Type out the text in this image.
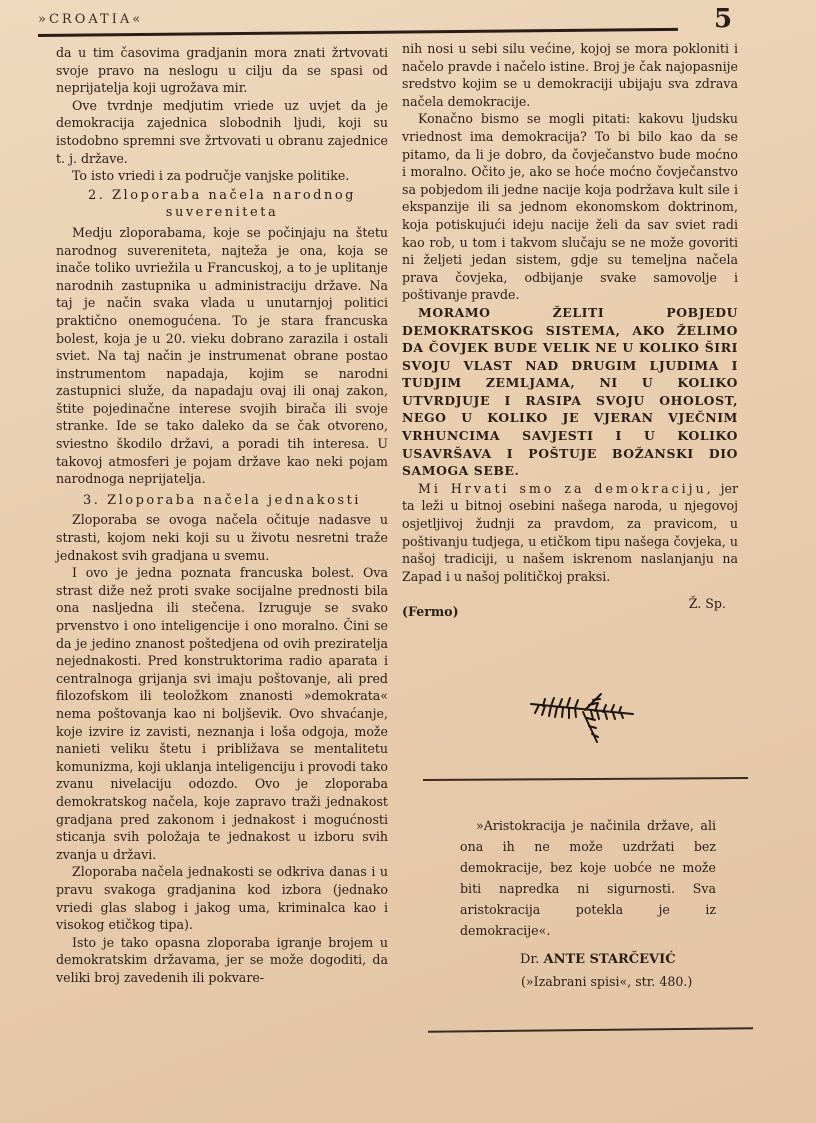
»CROATIA«	5

da u tim časovima gradjanin mora znati žrtvovati svoje pravo na neslogu u cilju da se spasi od neprijatelja koji ugrožava mir.

Ove tvrdnje medjutim vriede uz uvjet da je demokracija zajednica slobodnih ljudi, koji su istodobno spremni sve žrtvovati u obranu zajednice t. j. države.

To isto vriedi i za područje vanjske politike.

2. Zloporaba načela narodnog
suvereniteta

Medju zloporabama, koje se počinjaju na štetu narodnog suvereniteta, najteža je ona, koja se inače toliko uvriežila u Francuskoj, a to je uplitanje narodnih zastupnika u administraciju države. Na taj je način svaka vlada u unutarnjoj politici praktično onemogućena. To je stara francuska bolest, koja je u 20. vieku dobrano zarazila i ostali sviet. Na taj način je instrumenat obrane postao instrumentom napadaja, kojim se narodni zastupnici služe, da napadaju ovaj ili onaj zakon, štite pojedinačne interese svojih birača ili svoje stranke. Ide se tako daleko da se čak otvoreno, sviestno škodilo državi, a poradi tih interesa. U takovoj atmosferi je pojam države kao neki pojam narodnoga neprijatelja.

3. Zloporaba načela jednakosti

Zloporaba se ovoga načela očituje nadasve u strasti, kojom neki koji su u životu nesretni traže jednakost svih gradjana u svemu.

I ovo je jedna poznata francuska bolest. Ova strast diže než proti svake socijalne prednosti bila ona nasljedna ili stečena. Izruguje se svako prvenstvo i ono inteligencije i ono moralno. Čini se da je jedino znanost poštedjena od ovih preziratelja nejednakosti. Pred konstruktorima radio aparata i centralnoga grijanja svi imaju poštovanje, ali pred filozofskom ili teoložkom znanosti »demokrata« nema poštovanja kao ni boljševik. Ovo shvaćanje, koje izvire iz zavisti, neznanja i loša odgoja, može nanieti veliku štetu i približava se mentalitetu komunizma, koji uklanja inteligenciju i provodi tako zvanu nivelaciju odozdo. Ovo je zloporaba demokratskog načela, koje zapravo traži jednakost gradjana pred zakonom i jednakost i mogućnosti sticanja svih položaja te jednakost u izboru svih zvanja u državi.

Zloporaba načela jednakosti se odkriva danas i u pravu svakoga gradjanina kod izbora (jednako vriedi glas slabog i jakog uma, kriminalca kao i visokog etičkog tipa).

Isto je tako opasna zloporaba igranje brojem u demokratskim državama, jer se može dogoditi, da veliki broj zavedenih ili pokvare-

nih nosi u sebi silu većine, kojoj se mora pokloniti i načelo pravde i načelo istine. Broj je čak najopasnije sredstvo kojim se u demokraciji ubijaju sva zdrava načela demokracije.

Konačno bismo se mogli pitati: kakovu ljudsku vriednost ima demokracija? To bi bilo kao da se pitamo, da li je dobro, da čovječanstvo bude moćno i moralno. Očito je, ako se hoće moćno čovječanstvo sa pobjedom ili jedne nacije koja podržava kult sile i ekspanzije ili sa jednom ekonomskom doktrinom, koja potiskujući ideju nacije želi da sav sviet radi kao rob, u tom i takvom slučaju se ne može govoriti ni željeti jedan sistem, gdje su temeljna načela prava čovjeka, odbijanje svake samovolje i poštivanje pravde.

MORAMO ŽELITI POBJEDU DEMOKRATSKOG SISTEMA, AKO ŽELIMO DA ČOVJEK BUDE VELIK NE U KOLIKO ŠIRI SVOJU VLAST NAD DRUGIM LJUDIMA I TUDJIM ZEMLJAMA, NI U KOLIKO UTVRDJUJE I RASIPA SVOJU OHOLOST, NEGO U KOLIKO JE VJERAN VJEČNIM VRHUNCIMA SAVJESTI I U KOLIKO USAVRŠAVA I POŠTUJE BOŽANSKI DIO SAMOGA SEBE.

Mi Hrvati smo za demokraciju, jer ta leži u bitnoj osebini našega naroda, u njegovoj osjetljivoj žudnji za pravdom, za pravicom, u poštivanju tudjega, u etičkom tipu našega čovjeka, u našoj tradiciji, u našem iskrenom naslanjanju na Zapad i u našoj političkoj praksi.

(Fermo)
Ž. Sp.

»Aristokracija je načinila države, ali ona ih ne može uzdržati bez demokracije, bez koje uobće ne može biti napredka ni sigurnosti. Sva aristokracija potekla je iz demokracije«.

Dr. ANTE STARČEVIĆ
(»Izabrani spisi«, str. 480.)
